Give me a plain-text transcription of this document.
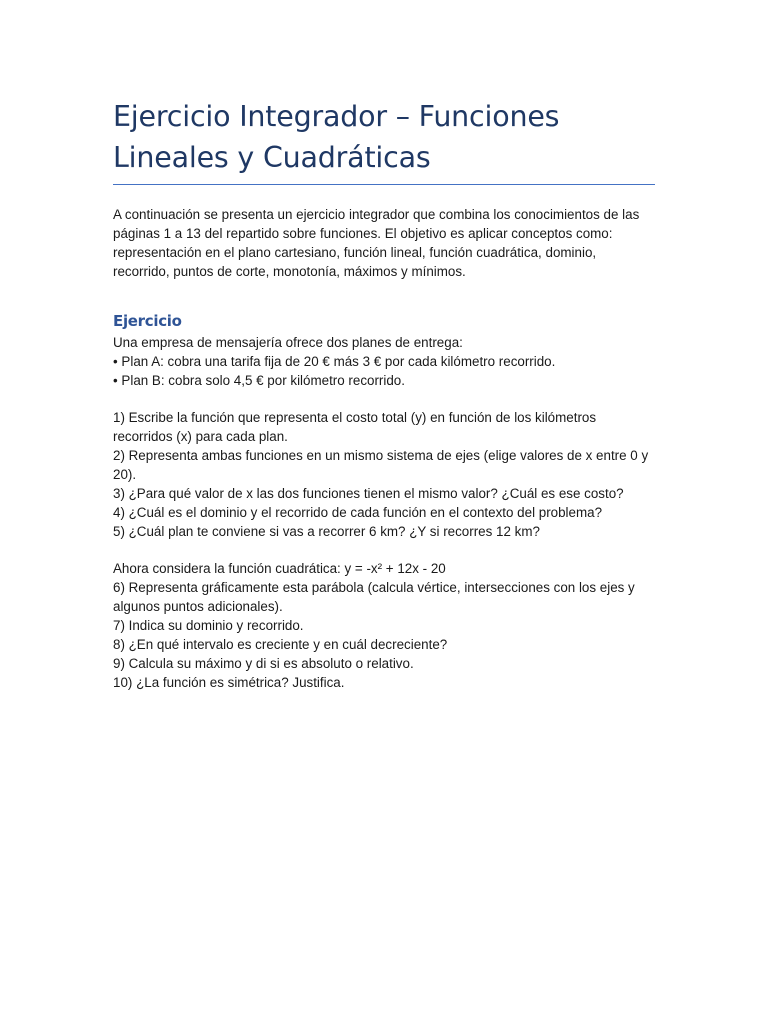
Ejercicio Integrador – Funciones Lineales y Cuadráticas

A continuación se presenta un ejercicio integrador que combina los conocimientos de las páginas 1 a 13 del repartido sobre funciones. El objetivo es aplicar conceptos como: representación en el plano cartesiano, función lineal, función cuadrática, dominio, recorrido, puntos de corte, monotonía, máximos y mínimos.

Ejercicio
Una empresa de mensajería ofrece dos planes de entrega:
• Plan A: cobra una tarifa fija de 20 € más 3 € por cada kilómetro recorrido.
• Plan B: cobra solo 4,5 € por kilómetro recorrido.
1) Escribe la función que representa el costo total (y) en función de los kilómetros recorridos (x) para cada plan.
2) Representa ambas funciones en un mismo sistema de ejes (elige valores de x entre 0 y 20).
3) ¿Para qué valor de x las dos funciones tienen el mismo valor? ¿Cuál es ese costo?
4) ¿Cuál es el dominio y el recorrido de cada función en el contexto del problema?
5) ¿Cuál plan te conviene si vas a recorrer 6 km? ¿Y si recorres 12 km?
Ahora considera la función cuadrática: y = -x² + 12x - 20
6) Representa gráficamente esta parábola (calcula vértice, intersecciones con los ejes y algunos puntos adicionales).
7) Indica su dominio y recorrido.
8) ¿En qué intervalo es creciente y en cuál decreciente?
9) Calcula su máximo y di si es absoluto o relativo.
10) ¿La función es simétrica? Justifica.
